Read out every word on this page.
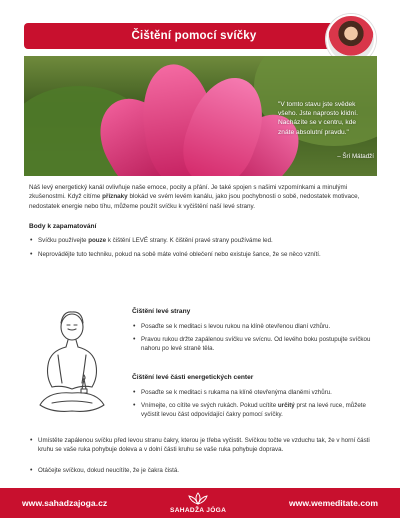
Čištění pomocí svíčky
"V tomto stavu jste svědek všeho. Jste naprosto klidní. Nacházíte se v centru, kde znáte absolutní pravdu."
– Šrí Mátadží

Náš levý energetický kanál ovlivňuje naše emoce, pocity a přání. Je také spojen s našimi vzpomínkami a minulými zkušenostmi. Když cítíme příznaky blokád ve svém levém kanálu, jako jsou pochybnosti o sobě, nedostatek motivace, nedostatek energie nebo tíhu, můžeme použít svíčku k vyčištění naší levé strany.

Body k zapamatování
• Svíčku používejte pouze k čištění LEVÉ strany. K čištění pravé strany používáme led.
• Neprovádějte tuto techniku, pokud na sobě máte volné oblečení nebo existuje šance, že se něco vznítí.
Čištění levé strany
• Posaďte se k meditaci s levou rukou na klíně otevřenou dlaní vzhůru.
• Pravou rukou držte zapálenou svíčku ve svícnu. Od levého boku postupujte svíčkou nahoru po levé straně těla.
Čištění levé části energetických center
• Posaďte se k meditaci s rukama na klíně otevřenýma dlaněmi vzhůru.
• Vnímejte, co cítíte ve svých rukách. Pokud ucítíte určitý prst na levé ruce, můžete vyčistit levou část odpovídající čakry pomocí svíčky.
• Umístěte zapálenou svíčku před levou stranu čakry, kterou je třeba vyčistit. Svíčkou točte ve vzduchu tak, že v horní části kruhu se vaše ruka pohybuje doleva a v dolní části kruhu se vaše ruka pohybuje doprava.
• Otáčejte svíčkou, dokud neucítíte, že je čakra čistá.
www.sahadzajoga.cz
SAHADŽA JÓGA
www.wemeditate.com
